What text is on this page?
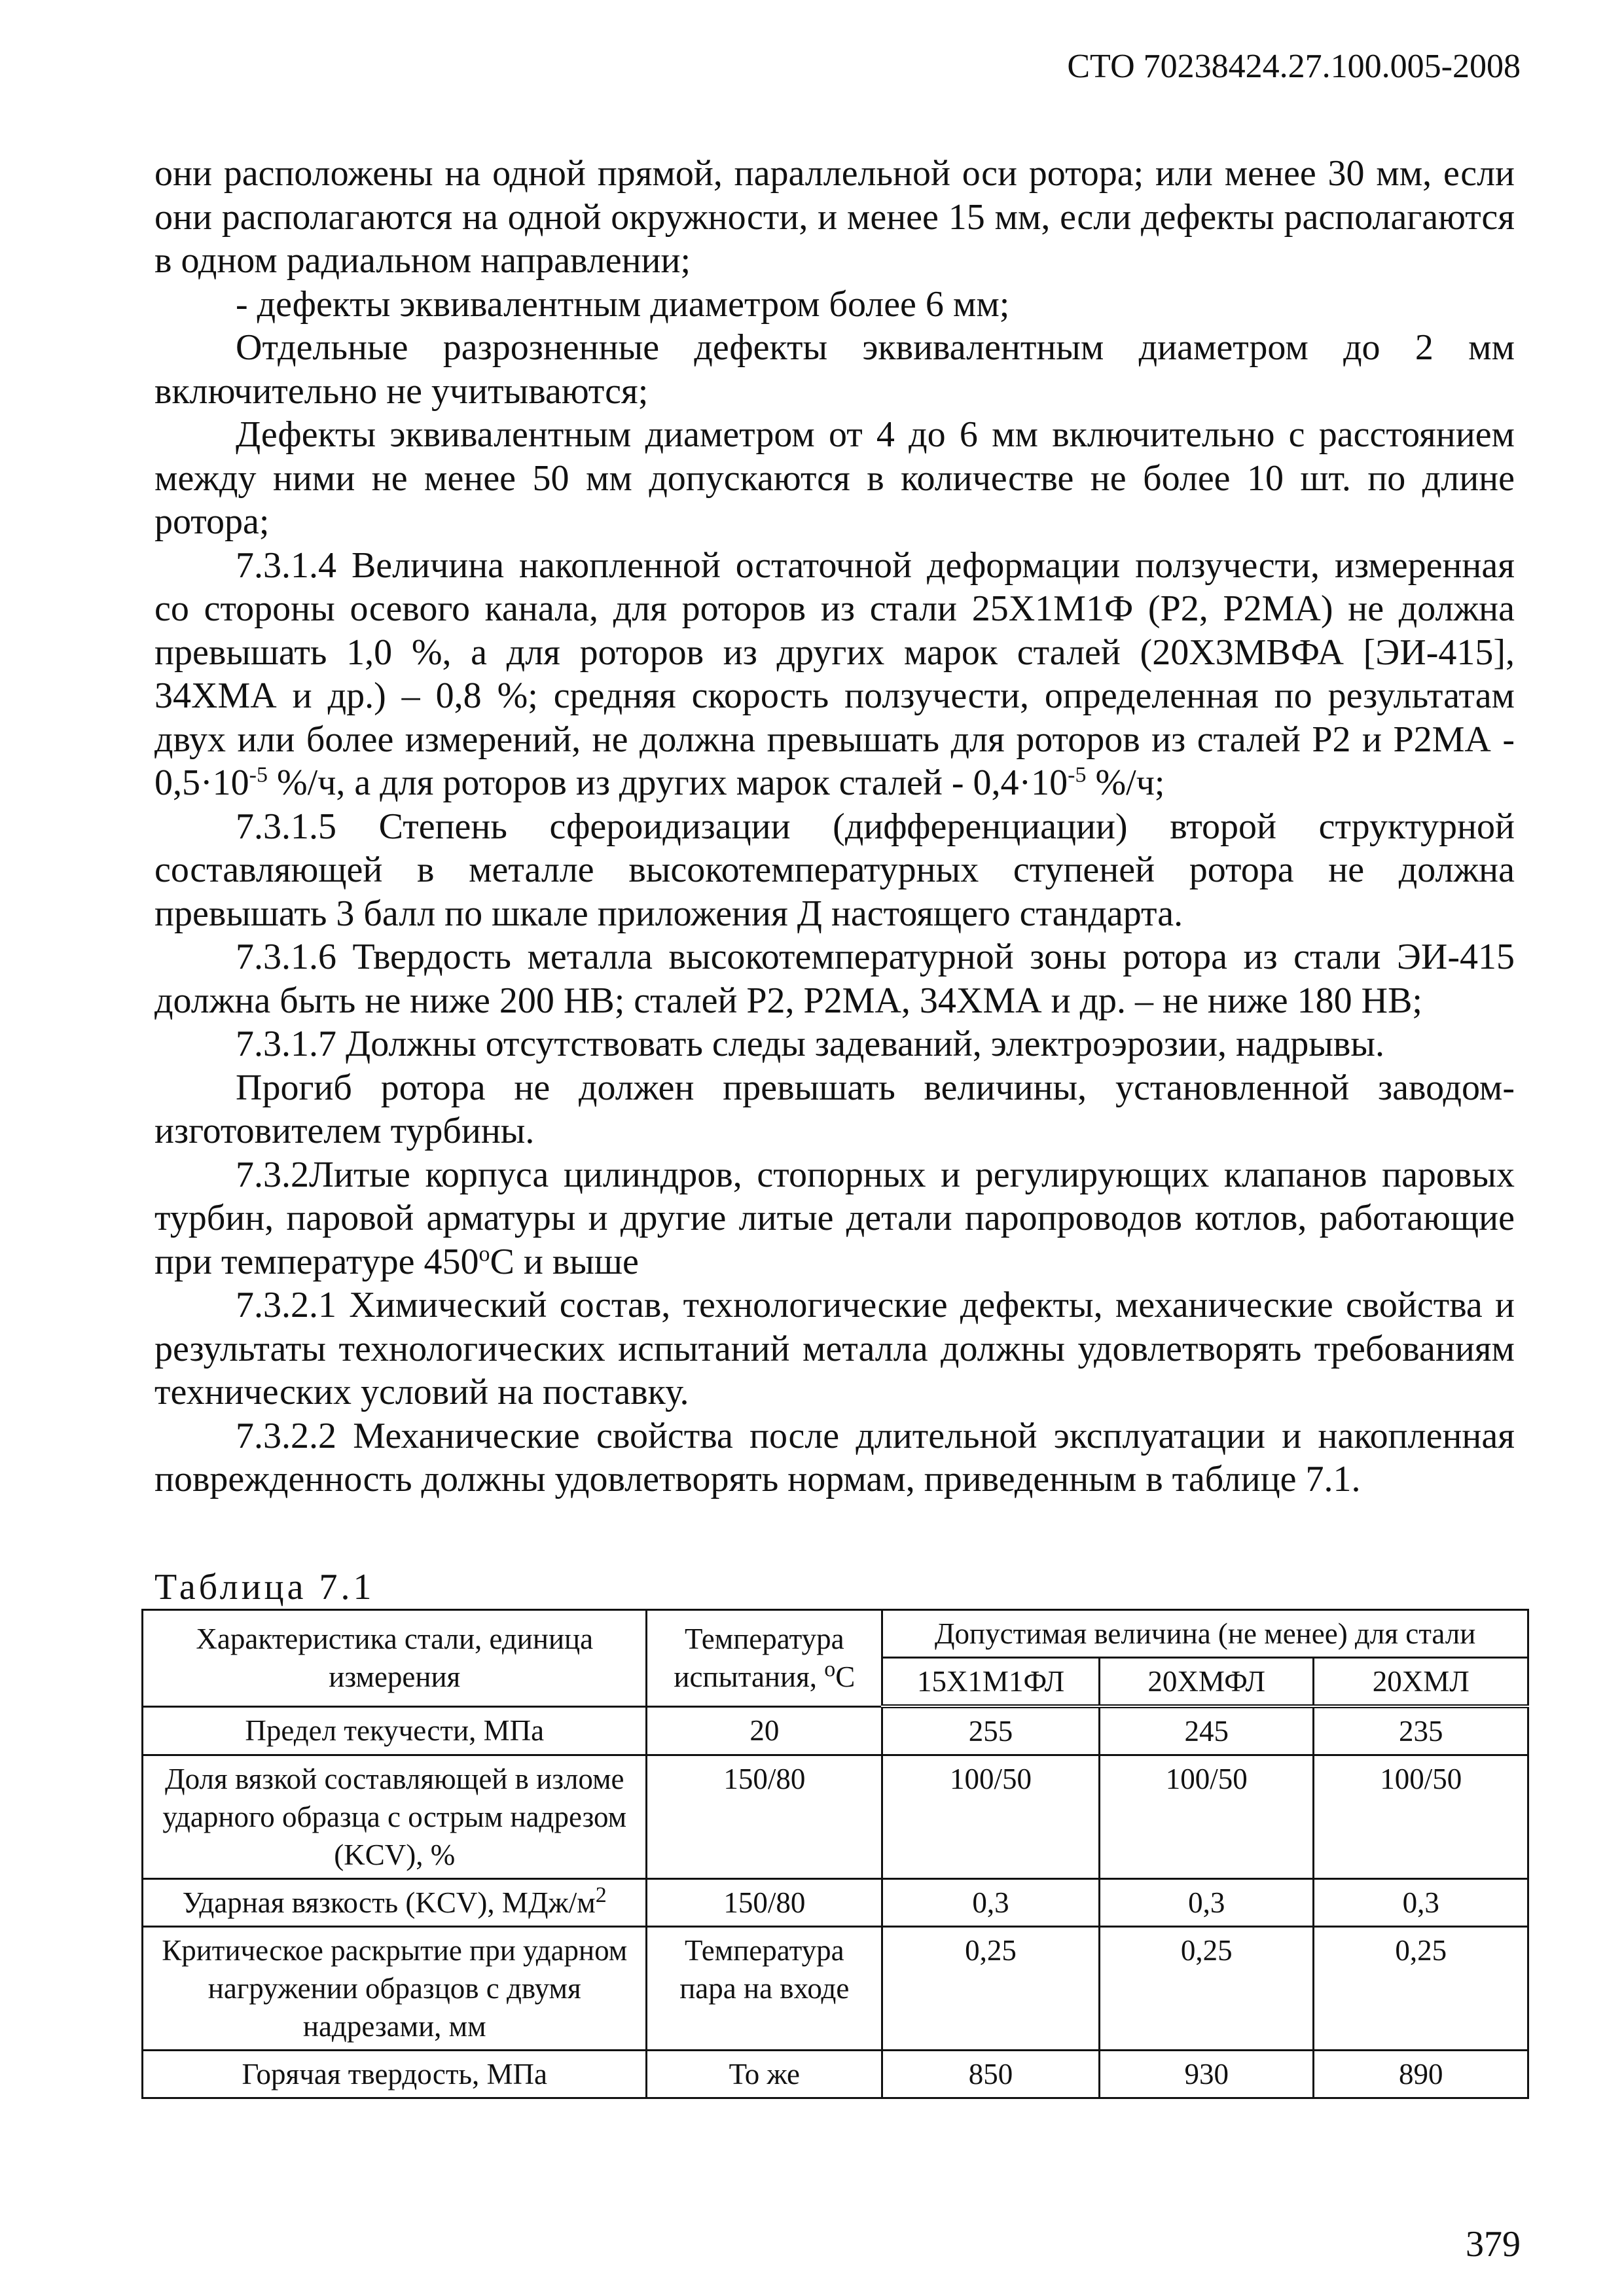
СТО 70238424.27.100.005-2008

они расположены на одной прямой, параллельной оси ротора; или менее 30 мм, если они располагаются на одной окружности, и менее 15 мм, если дефекты располагаются в одном радиальном направлении;

- дефекты эквивалентным диаметром более 6 мм;

Отдельные разрозненные дефекты эквивалентным диаметром до 2 мм включительно не учитываются;

Дефекты эквивалентным диаметром от 4 до 6 мм включительно с расстоянием между ними не менее 50 мм допускаются в количестве не более 10 шт. по длине ротора;

7.3.1.4 Величина накопленной остаточной деформации ползучести, измеренная со стороны осевого канала, для роторов из стали 25Х1М1Ф (Р2, Р2МА) не должна превышать 1,0 %, а для роторов из других марок сталей (20Х3МВФА [ЭИ-415], 34ХМА и др.) – 0,8 %; средняя скорость ползучести, определенная по результатам двух или более измерений, не должна превышать для роторов из сталей Р2 и $Р2МА - 0,5\cdot 10^{-5}$ %/ч, а для роторов из других марок сталей - $0,4\cdot 10^{-5}$ %/ч;

7.3.1.5 Степень сфероидизации (дифференциации) второй структурной составляющей в металле высокотемпературных ступеней ротора не должна превышать 3 балл по шкале приложения Д настоящего стандарта.

7.3.1.6 Твердость металла высокотемпературной зоны ротора из стали ЭИ-415 должна быть не ниже 200 НВ; сталей Р2, Р2МА, 34ХМА и др. – не ниже 180 НВ;

7.3.1.7 Должны отсутствовать следы задеваний, электроэрозии, надрывы.

Прогиб ротора не должен превышать величины, установленной заводом-изготовителем турбины.

7.3.2Литые корпуса цилиндров, стопорных и регулирующих клапанов паровых турбин, паровой арматуры и другие литые детали паропроводов котлов, работающие при температуре $450^оС$ и выше

7.3.2.1 Химический состав, технологические дефекты, механические свойства и результаты технологических испытаний металла должны удовлетворять требованиям технических условий на поставку.

7.3.2.2 Механические свойства после длительной эксплуатации и накопленная поврежденность должны удовлетворять нормам, приведенным в таблице 7.1.

Таблица 7.1
Характеристика стали, единица измерения	Температура испытания, $^о$С	Допустимая величина (не менее) для стали		
		15Х1М1ФЛ	20ХМФЛ	20ХМЛ
Предел текучести, МПа	20	255	245	235
Доля вязкой составляющей в изломе ударного образца с острым надрезом (KCV), %	150/80	100/50	100/50	100/50
Ударная вязкость (KCV), МДж/$м^2$	150/80	0,3	0,3	0,3
Критическое раскрытие при ударном нагружении образцов с двумя надрезами, мм	Температура пара на входе	0,25	0,25	0,25
Горячая твердость, МПа	То же	850	930	890
379
